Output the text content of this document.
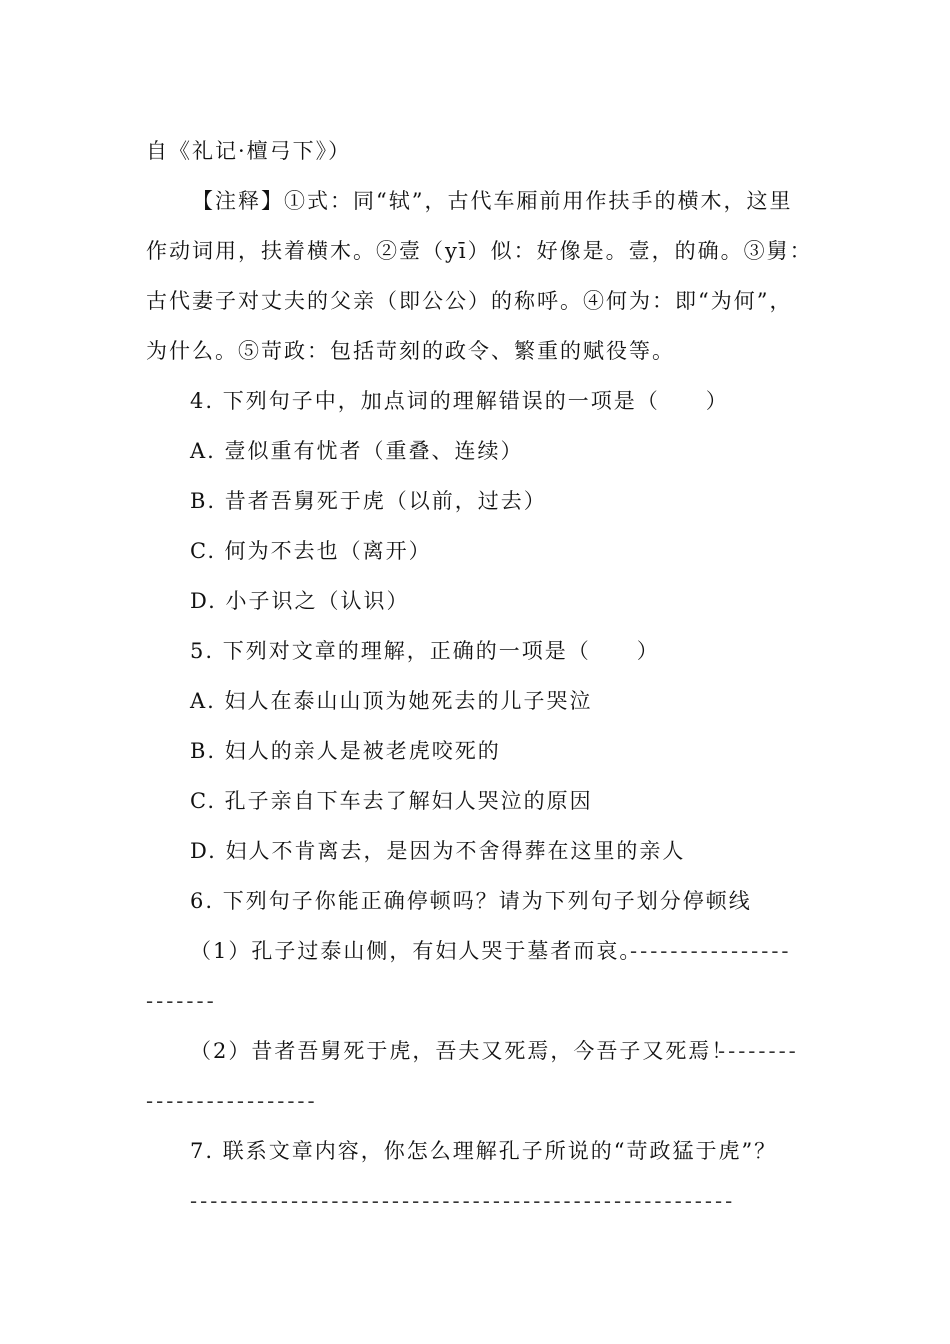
自《礼记·檀弓下》）
【注释】①式：同“轼”，古代车厢前用作扶手的横木，这里
作动词用，扶着横木。②壹（yī）似：好像是。壹，的确。③舅：
古代妻子对丈夫的父亲（即公公）的称呼。④何为：即“为何”，
为什么。⑤苛政：包括苛刻的政令、繁重的赋役等。
4. 下列句子中，加点词的理解错误的一项是（　　）
A. 壹似重有忧者（重叠、连续）
B. 昔者吾舅死于虎（以前，过去）
C. 何为不去也（离开）
D. 小子识之（认识）
5. 下列对文章的理解，正确的一项是（　　）
A. 妇人在泰山山顶为她死去的儿子哭泣
B. 妇人的亲人是被老虎咬死的
C. 孔子亲自下车去了解妇人哭泣的原因
D. 妇人不肯离去，是因为不舍得葬在这里的亲人
6. 下列句子你能正确停顿吗？请为下列句子划分停顿线
（1）孔子过泰山侧，有妇人哭于墓者而哀。
----------------
-------
（2）昔者吾舅死于虎，吾夫又死焉，今吾子又死焉！
--------
-----------------
7. 联系文章内容，你怎么理解孔子所说的“苛政猛于虎”？
------------------------------------------------------
